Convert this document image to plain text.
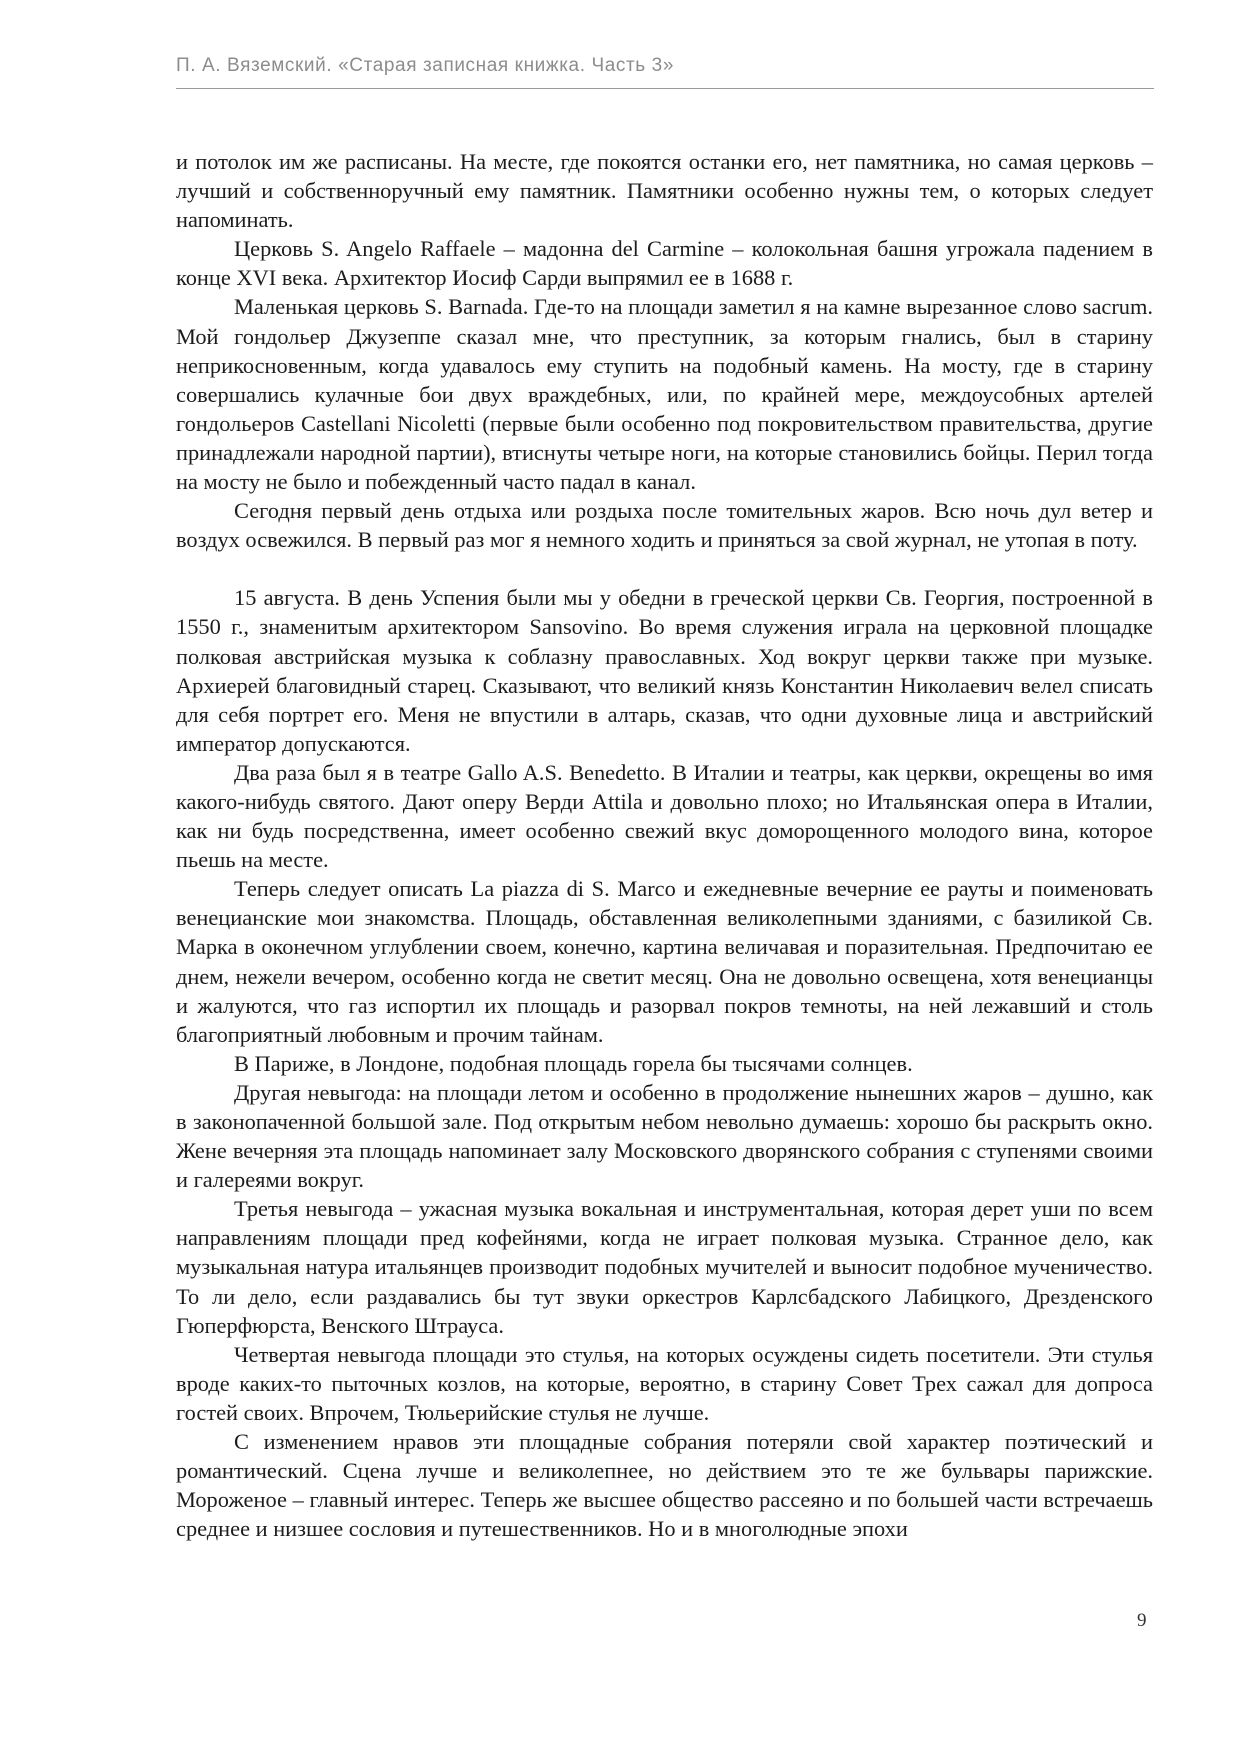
П. А. Вяземский. «Старая записная книжка. Часть 3»

и потолок им же расписаны. На месте, где покоятся останки его, нет памятника, но самая церковь – лучший и собственноручный ему памятник. Памятники особенно нужны тем, о которых следует напоминать.

Церковь S. Angelo Raffaele – мадонна del Carmine – колокольная башня угрожала падением в конце XVI века. Архитектор Иосиф Сарди выпрямил ее в 1688 г.

Маленькая церковь S. Barnada. Где-то на площади заметил я на камне вырезанное слово sacrum. Мой гондольер Джузеппе сказал мне, что преступник, за которым гнались, был в старину неприкосновенным, когда удавалось ему ступить на подобный камень. На мосту, где в старину совершались кулачные бои двух враждебных, или, по крайней мере, междоусобных артелей гондольеров Castellani Nicoletti (первые были особенно под покровительством правительства, другие принадлежали народной партии), втиснуты четыре ноги, на которые становились бойцы. Перил тогда на мосту не было и побежденный часто падал в канал.

Сегодня первый день отдыха или роздыха после томительных жаров. Всю ночь дул ветер и воздух освежился. В первый раз мог я немного ходить и приняться за свой журнал, не утопая в поту.

15 августа. В день Успения были мы у обедни в греческой церкви Св. Георгия, построенной в 1550 г., знаменитым архитектором Sansovino. Во время служения играла на церковной площадке полковая австрийская музыка к соблазну православных. Ход вокруг церкви также при музыке. Архиерей благовидный старец. Сказывают, что великий князь Константин Николаевич велел списать для себя портрет его. Меня не впустили в алтарь, сказав, что одни духовные лица и австрийский император допускаются.

Два раза был я в театре Gallo A.S. Benedetto. В Италии и театры, как церкви, окрещены во имя какого-нибудь святого. Дают оперу Верди Attila и довольно плохо; но Итальянская опера в Италии, как ни будь посредственна, имеет особенно свежий вкус доморощенного молодого вина, которое пьешь на месте.

Теперь следует описать La piazza di S. Marco и ежедневные вечерние ее рауты и поименовать венецианские мои знакомства. Площадь, обставленная великолепными зданиями, с базиликой Св. Марка в оконечном углублении своем, конечно, картина величавая и поразительная. Предпочитаю ее днем, нежели вечером, особенно когда не светит месяц. Она не довольно освещена, хотя венецианцы и жалуются, что газ испортил их площадь и разорвал покров темноты, на ней лежавший и столь благоприятный любовным и прочим тайнам.

В Париже, в Лондоне, подобная площадь горела бы тысячами солнцев.

Другая невыгода: на площади летом и особенно в продолжение нынешних жаров – душно, как в законопаченной большой зале. Под открытым небом невольно думаешь: хорошо бы раскрыть окно. Жене вечерняя эта площадь напоминает залу Московского дворянского собрания с ступенями своими и галереями вокруг.

Третья невыгода – ужасная музыка вокальная и инструментальная, которая дерет уши по всем направлениям площади пред кофейнями, когда не играет полковая музыка. Странное дело, как музыкальная натура итальянцев производит подобных мучителей и выносит подобное мученичество. То ли дело, если раздавались бы тут звуки оркестров Карлсбадского Лабицкого, Дрезденского Гюперфюрста, Венского Штрауса.

Четвертая невыгода площади это стулья, на которых осуждены сидеть посетители. Эти стулья вроде каких-то пыточных козлов, на которые, вероятно, в старину Совет Трех сажал для допроса гостей своих. Впрочем, Тюльерийские стулья не лучше.

С изменением нравов эти площадные собрания потеряли свой характер поэтический и романтический. Сцена лучше и великолепнее, но действием это те же бульвары парижские. Мороженое – главный интерес. Теперь же высшее общество рассеяно и по большей части встречаешь среднее и низшее сословия и путешественников. Но и в многолюдные эпохи

9
